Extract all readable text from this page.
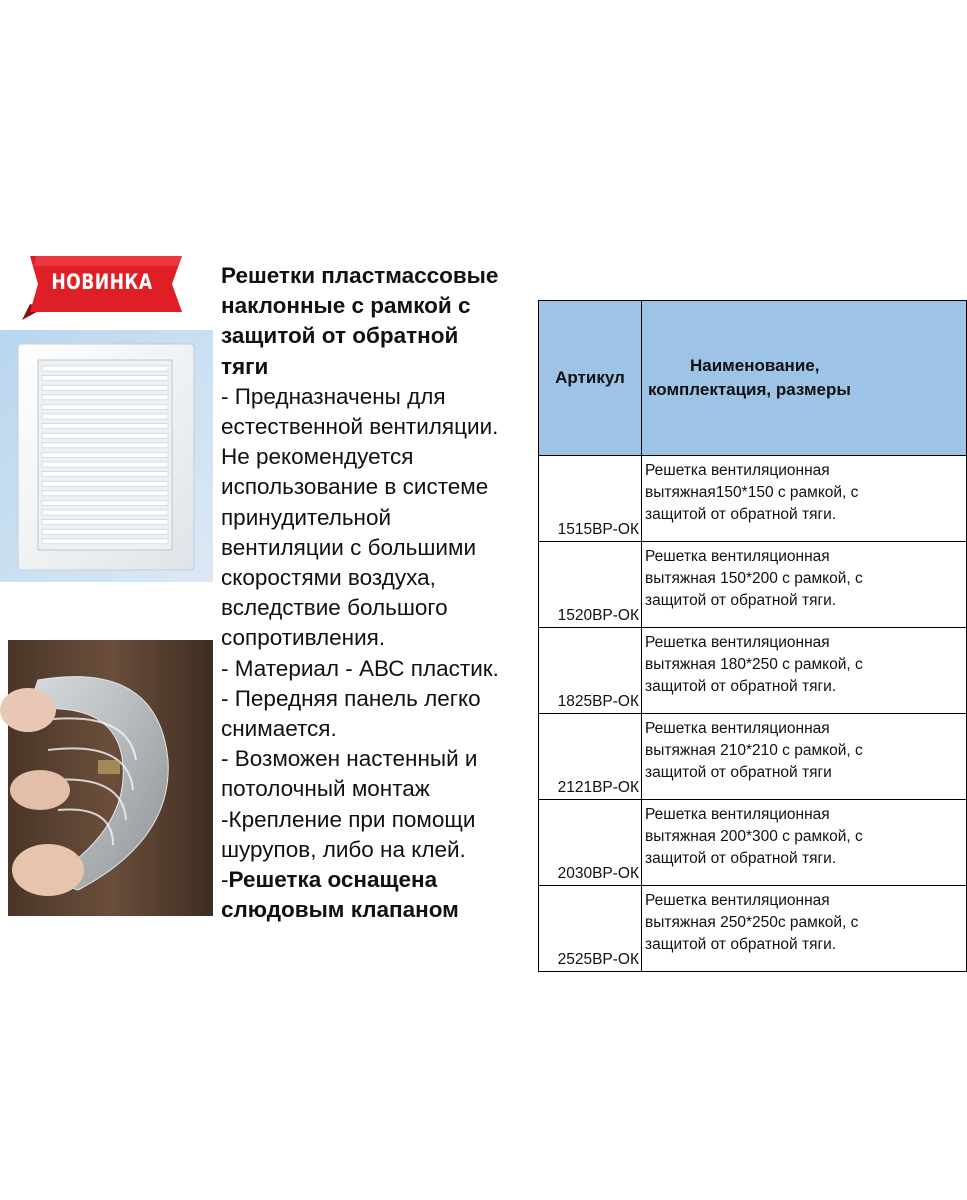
НОВИНКА	Решетки пластмассовые
наклонные с рамкой с
защитой от обратной
тяги
- Предназначены для
естественной вентиляции.
Не рекомендуется
использование в системе
принудительной
вентиляции с большими
скоростями воздуха,
вследствие большого
сопротивления.
- Материал - АВС пластик.
- Передняя панель легко
снимается.
- Возможен настенный и
потолочный монтаж
-Крепление при помощи
шурупов, либо на клей.
-Решетка оснащена
слюдовым клапаном
Артикул	Наименование,
комплектация, размеры

1515ВР-ОК	Решетка вентиляционная
вытяжная150*150 с рамкой, с
защитой от обратной тяги.

1520ВР-ОК	Решетка вентиляционная
вытяжная 150*200 с рамкой, с
защитой от обратной тяги.

1825ВР-ОК	Решетка вентиляционная
вытяжная 180*250 с рамкой, с
защитой от обратной тяги.

2121ВР-ОК	Решетка вентиляционная
вытяжная 210*210 с рамкой, с
защитой от обратной тяги

2030ВР-ОК	Решетка вентиляционная
вытяжная 200*300 с рамкой, с
защитой от обратной тяги.

2525ВР-ОК	Решетка вентиляционная
вытяжная 250*250с рамкой, с
защитой от обратной тяги.
